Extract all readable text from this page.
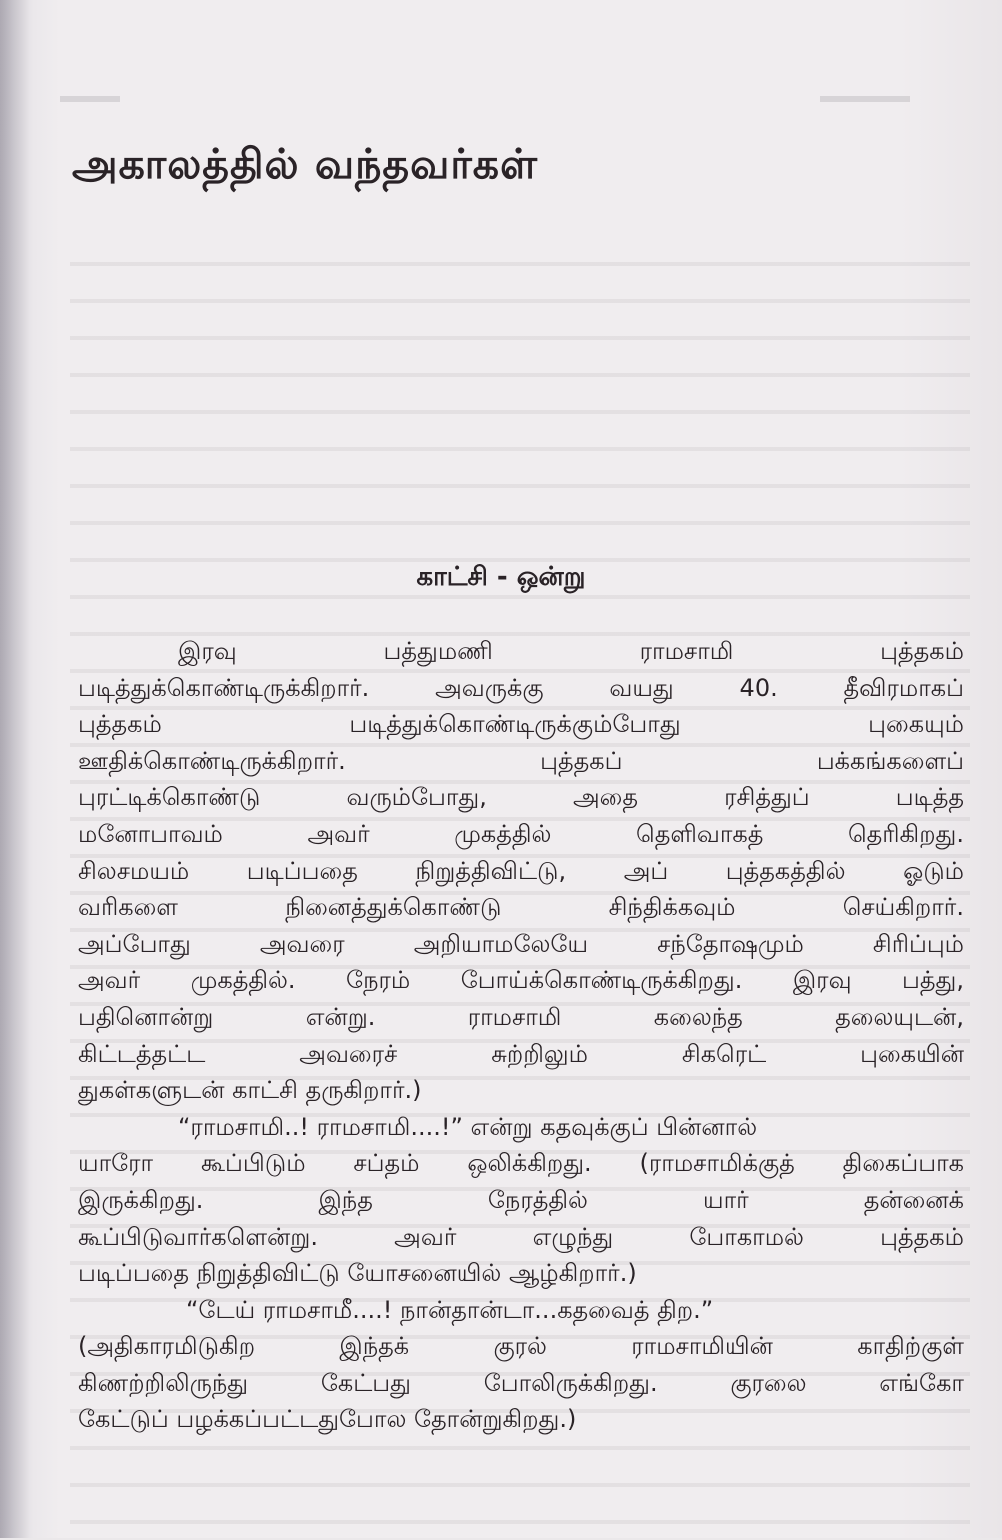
அகாலத்தில் வந்தவர்கள்
காட்சி - ஒன்று
இரவு	பத்துமணி	ராமசாமி	புத்தகம்
படித்துக்கொண்டிருக்கிறார்.	அவருக்கு	வயது	40.	தீவிரமாகப்
புத்தகம்	படித்துக்கொண்டிருக்கும்போது	புகையும்
ஊதிக்கொண்டிருக்கிறார்.	புத்தகப்	பக்கங்களைப்
புரட்டிக்கொண்டு	வரும்போது,	அதை	ரசித்துப்	படித்த
மனோபாவம்	அவர்	முகத்தில்	தெளிவாகத்	தெரிகிறது.
சிலசமயம் படிப்பதை நிறுத்திவிட்டு, அப் புத்தகத்தில் ஓடும்
வரிகளை	நினைத்துக்கொண்டு	சிந்திக்கவும்	செய்கிறார்.
அப்போது	அவரை	அறியாமலேயே	சந்தோஷமும்	சிரிப்பும்
அவர் முகத்தில். நேரம் போய்க்கொண்டிருக்கிறது. இரவு பத்து,
பதினொன்று	என்று.	ராமசாமி	கலைந்த	தலையுடன்,
கிட்டத்தட்ட	அவரைச்	சுற்றிலும்	சிகரெட்	புகையின்
துகள்களுடன் காட்சி தருகிறார்.)
“ராமசாமி..! ராமசாமி....!” என்று கதவுக்குப் பின்னால்
யாரோ கூப்பிடும் சப்தம் ஒலிக்கிறது. (ராமசாமிக்குத் திகைப்பாக
இருக்கிறது.	இந்த	நேரத்தில்	யார்	தன்னைக்
கூப்பிடுவார்களென்று.	அவர்	எழுந்து	போகாமல்	புத்தகம்
படிப்பதை நிறுத்திவிட்டு யோசனையில் ஆழ்கிறார்.)
“டேய் ராமசாமீ....! நான்தான்டா...கதவைத் திற.”
(அதிகாரமிடுகிற	இந்தக்	குரல்	ராமசாமியின்	காதிற்குள்
கிணற்றிலிருந்து	கேட்பது	போலிருக்கிறது.	குரலை	எங்கோ
கேட்டுப் பழக்கப்பட்டதுபோல தோன்றுகிறது.)
